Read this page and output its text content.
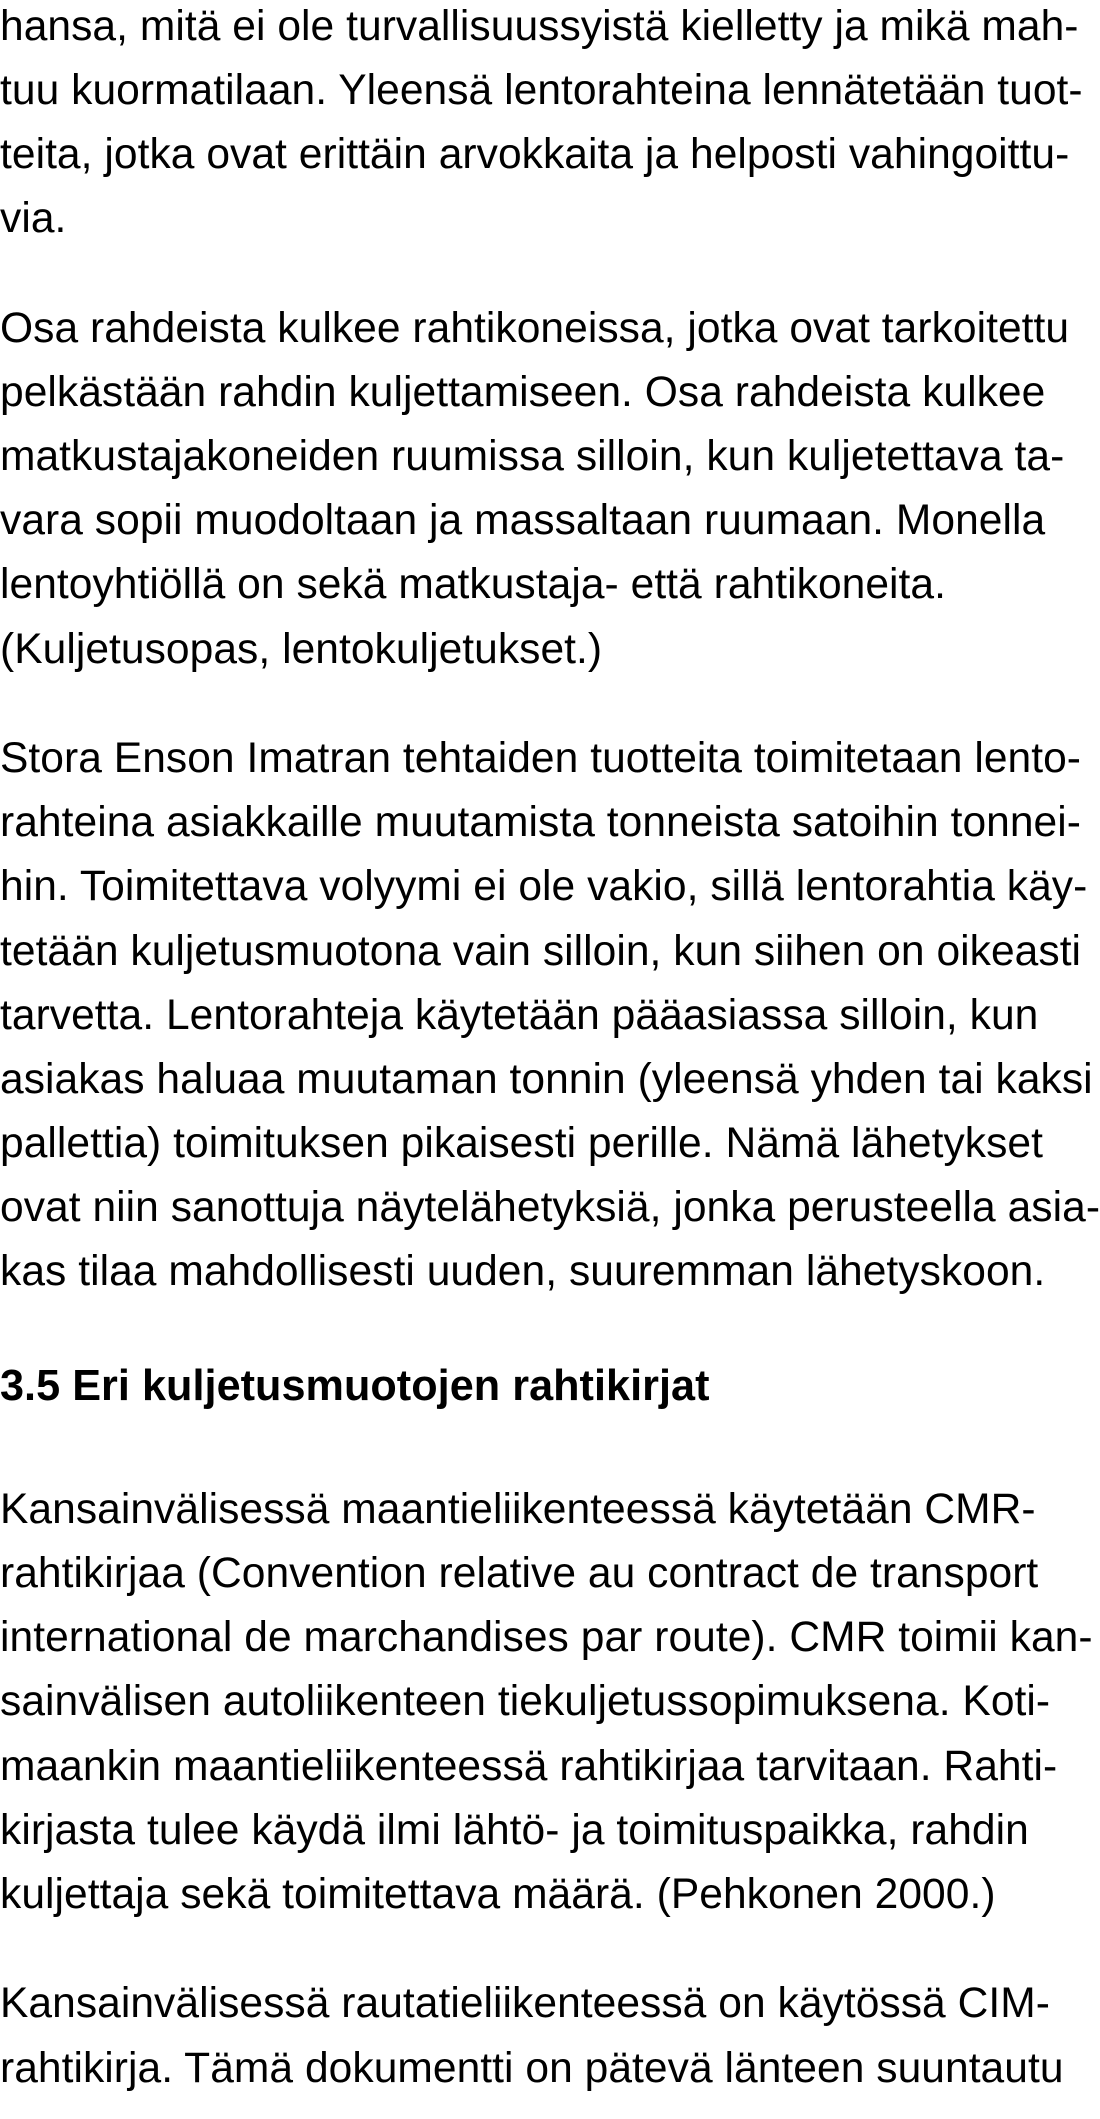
hansa, mitä ei ole turvallisuussyistä kielletty ja mikä mah-

tuu kuormatilaan. Yleensä lentorahteina lennätetään tuot-

teita, jotka ovat erittäin arvokkaita ja helposti vahingoittu-

via.

Osa rahdeista kulkee rahtikoneissa, jotka ovat tarkoitettu

pelkästään rahdin kuljettamiseen. Osa rahdeista kulkee

matkustajakoneiden ruumissa silloin, kun kuljetettava ta-

vara sopii muodoltaan ja massaltaan ruumaan. Monella

lentoyhtiöllä on sekä matkustaja- että rahtikoneita.

(Kuljetusopas, lentokuljetukset.)

Stora Enson Imatran tehtaiden tuotteita toimitetaan lento-

rahteina asiakkaille muutamista tonneista satoihin tonnei-

hin. Toimitettava volyymi ei ole vakio, sillä lentorahtia käy-

tetään kuljetusmuotona vain silloin, kun siihen on oikeasti

tarvetta. Lentorahteja käytetään pääasiassa silloin, kun

asiakas haluaa muutaman tonnin (yleensä yhden tai kaksi

pallettia) toimituksen pikaisesti perille. Nämä lähetykset

ovat niin sanottuja näytelähetyksiä, jonka perusteella asia-

kas tilaa mahdollisesti uuden, suuremman lähetyskoon.

3.5 Eri kuljetusmuotojen rahtikirjat

Kansainvälisessä maantieliikenteessä käytetään CMR-

rahtikirjaa (Convention relative au contract de transport

international de marchandises par route). CMR toimii kan-

sainvälisen autoliikenteen tiekuljetussopimuksena. Koti-

maankin maantieliikenteessä rahtikirjaa tarvitaan. Rahti-

kirjasta tulee käydä ilmi lähtö- ja toimituspaikka, rahdin

kuljettaja sekä toimitettava määrä. (Pehkonen 2000.)

Kansainvälisessä rautatieliikenteessä on käytössä CIM-

rahtikirja. Tämä dokumentti on pätevä länteen suuntautu
